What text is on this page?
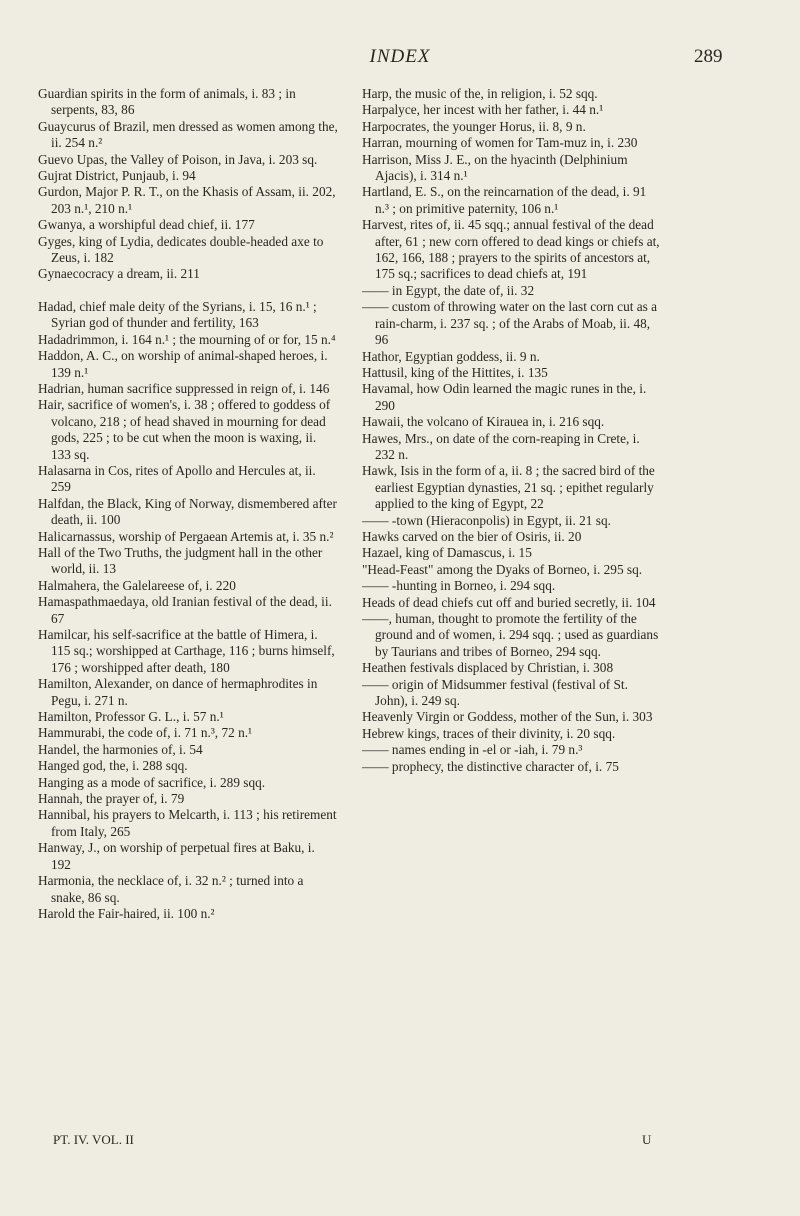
INDEX	289

Guardian spirits in the form of animals, i. 83 ; in serpents, 83, 86

Guaycurus of Brazil, men dressed as women among the, ii. 254 n.²

Guevo Upas, the Valley of Poison, in Java, i. 203 sq.

Gujrat District, Punjaub, i. 94

Gurdon, Major P. R. T., on the Khasis of Assam, ii. 202, 203 n.¹, 210 n.¹

Gwanya, a worshipful dead chief, ii. 177

Gyges, king of Lydia, dedicates double-headed axe to Zeus, i. 182

Gynaecocracy a dream, ii. 211

Hadad, chief male deity of the Syrians, i. 15, 16 n.¹ ; Syrian god of thunder and fertility, 163

Hadadrimmon, i. 164 n.¹ ; the mourning of or for, 15 n.⁴

Haddon, A. C., on worship of animal-shaped heroes, i. 139 n.¹

Hadrian, human sacrifice suppressed in reign of, i. 146

Hair, sacrifice of women's, i. 38 ; offered to goddess of volcano, 218 ; of head shaved in mourning for dead gods, 225 ; to be cut when the moon is waxing, ii. 133 sq.

Halasarna in Cos, rites of Apollo and Hercules at, ii. 259

Halfdan, the Black, King of Norway, dismembered after death, ii. 100

Halicarnassus, worship of Pergaean Artemis at, i. 35 n.²

Hall of the Two Truths, the judgment hall in the other world, ii. 13

Halmahera, the Galelareese of, i. 220

Hamaspathmaedaya, old Iranian festival of the dead, ii. 67

Hamilcar, his self-sacrifice at the battle of Himera, i. 115 sq.; worshipped at Carthage, 116 ; burns himself, 176 ; worshipped after death, 180

Hamilton, Alexander, on dance of hermaphrodites in Pegu, i. 271 n.

Hamilton, Professor G. L., i. 57 n.¹

Hammurabi, the code of, i. 71 n.³, 72 n.¹

Handel, the harmonies of, i. 54

Hanged god, the, i. 288 sqq.

Hanging as a mode of sacrifice, i. 289 sqq.

Hannah, the prayer of, i. 79

Hannibal, his prayers to Melcarth, i. 113 ; his retirement from Italy, 265

Hanway, J., on worship of perpetual fires at Baku, i. 192

Harmonia, the necklace of, i. 32 n.² ; turned into a snake, 86 sq.

Harold the Fair-haired, ii. 100 n.²

Harp, the music of the, in religion, i. 52 sqq.

Harpalyce, her incest with her father, i. 44 n.¹

Harpocrates, the younger Horus, ii. 8, 9 n.

Harran, mourning of women for Tam-muz in, i. 230

Harrison, Miss J. E., on the hyacinth (Delphinium Ajacis), i. 314 n.¹

Hartland, E. S., on the reincarnation of the dead, i. 91 n.³ ; on primitive paternity, 106 n.¹

Harvest, rites of, ii. 45 sqq.; annual festival of the dead after, 61 ; new corn offered to dead kings or chiefs at, 162, 166, 188 ; prayers to the spirits of ancestors at, 175 sq.; sacrifices to dead chiefs at, 191

—— in Egypt, the date of, ii. 32

—— custom of throwing water on the last corn cut as a rain-charm, i. 237 sq. ; of the Arabs of Moab, ii. 48, 96

Hathor, Egyptian goddess, ii. 9 n.

Hattusil, king of the Hittites, i. 135

Havamal, how Odin learned the magic runes in the, i. 290

Hawaii, the volcano of Kirauea in, i. 216 sqq.

Hawes, Mrs., on date of the corn-reaping in Crete, i. 232 n.

Hawk, Isis in the form of a, ii. 8 ; the sacred bird of the earliest Egyptian dynasties, 21 sq. ; epithet regularly applied to the king of Egypt, 22

—— -town (Hieraconpolis) in Egypt, ii. 21 sq.

Hawks carved on the bier of Osiris, ii. 20

Hazael, king of Damascus, i. 15

"Head-Feast" among the Dyaks of Borneo, i. 295 sq.

—— -hunting in Borneo, i. 294 sqq.

Heads of dead chiefs cut off and buried secretly, ii. 104

——, human, thought to promote the fertility of the ground and of women, i. 294 sqq. ; used as guardians by Taurians and tribes of Borneo, 294 sqq.

Heathen festivals displaced by Christian, i. 308

—— origin of Midsummer festival (festival of St. John), i. 249 sq.

Heavenly Virgin or Goddess, mother of the Sun, i. 303

Hebrew kings, traces of their divinity, i. 20 sqq.

—— names ending in -el or -iah, i. 79 n.³

—— prophecy, the distinctive character of, i. 75

PT. IV. VOL. II	U
